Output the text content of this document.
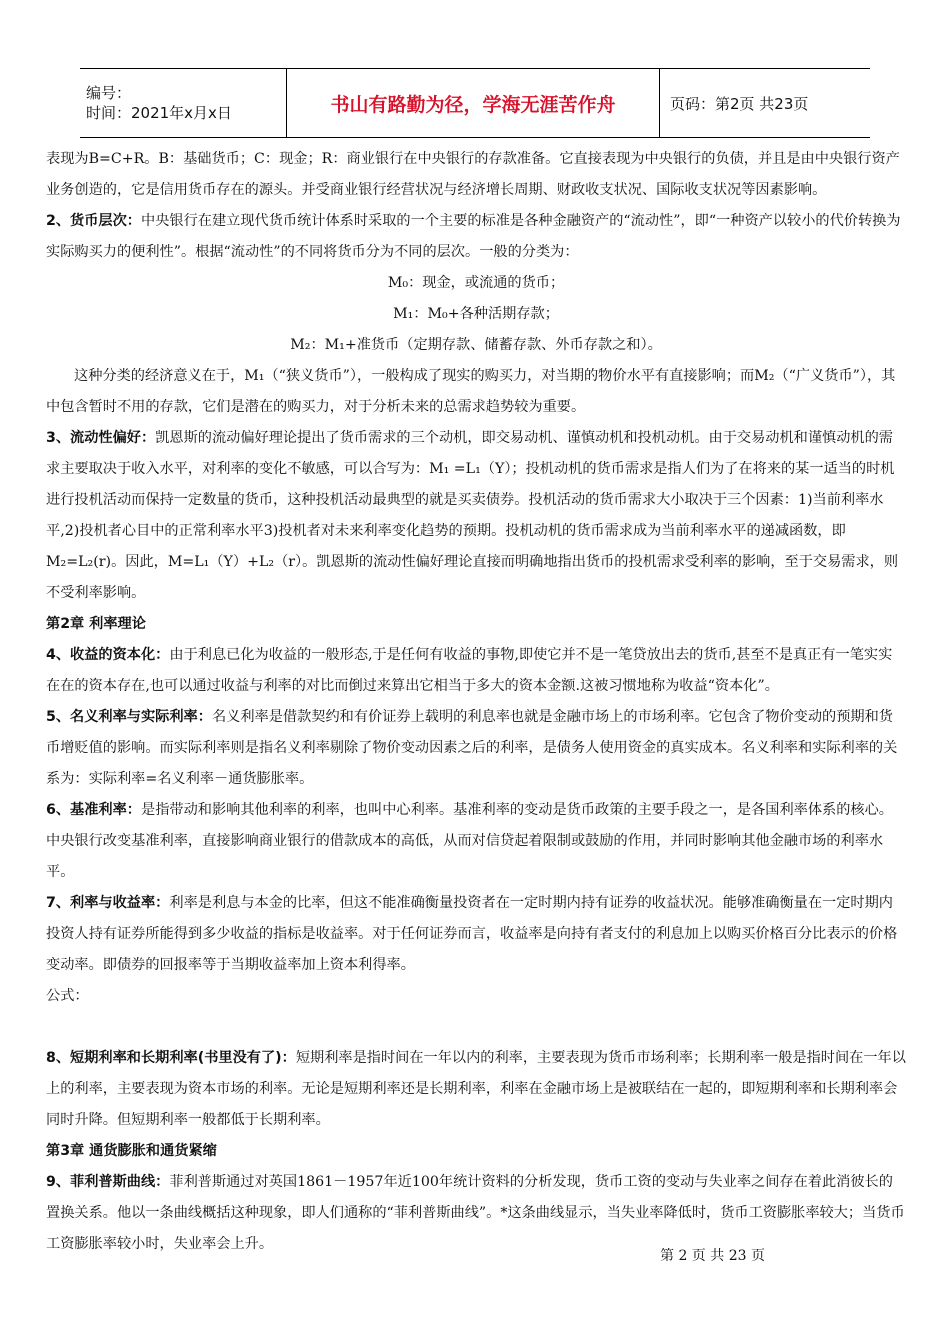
编号：
时间：2021年x月x日	书山有路勤为径，学海无涯苦作舟	页码：第2页 共23页

表现为B=C+R。B：基础货币；C：现金；R：商业银行在中央银行的存款准备。它直接表现为中央银行的负债，并且是由中央银行资产业务创造的，它是信用货币存在的源头。并受商业银行经营状况与经济增长周期、财政收支状况、国际收支状况等因素影响。

2、货币层次：中央银行在建立现代货币统计体系时采取的一个主要的标准是各种金融资产的“流动性”，即“一种资产以较小的代价转换为实际购买力的便利性”。根据“流动性”的不同将货币分为不同的层次。一般的分类为：

M₀：现金，或流通的货币；

M₁：M₀+各种活期存款；

M₂：M₁+准货币（定期存款、储蓄存款、外币存款之和）。

这种分类的经济意义在于，M₁（“狭义货币”），一般构成了现实的购买力，对当期的物价水平有直接影响；而M₂（“广义货币”），其中包含暂时不用的存款，它们是潜在的购买力，对于分析未来的总需求趋势较为重要。

3、流动性偏好：凯恩斯的流动偏好理论提出了货币需求的三个动机，即交易动机、谨慎动机和投机动机。由于交易动机和谨慎动机的需求主要取决于收入水平，对利率的变化不敏感，可以合写为：M₁ =L₁（Y）；投机动机的货币需求是指人们为了在将来的某一适当的时机进行投机活动而保持一定数量的货币，这种投机活动最典型的就是买卖债券。投机活动的货币需求大小取决于三个因素：1)当前利率水平,2)投机者心目中的正常利率水平3)投机者对未来利率变化趋势的预期。投机动机的货币需求成为当前利率水平的递减函数，即M₂=L₂(r)。因此，M=L₁（Y）+L₂（r）。凯恩斯的流动性偏好理论直接而明确地指出货币的投机需求受利率的影响，至于交易需求，则不受利率影响。

第2章 利率理论

4、收益的资本化：由于利息已化为收益的一般形态,于是任何有收益的事物,即使它并不是一笔贷放出去的货币,甚至不是真正有一笔实实在在的资本存在,也可以通过收益与利率的对比而倒过来算出它相当于多大的资本金额.这被习惯地称为收益“资本化”。

5、名义利率与实际利率：名义利率是借款契约和有价证券上载明的利息率也就是金融市场上的市场利率。它包含了物价变动的预期和货币增贬值的影响。而实际利率则是指名义利率剔除了物价变动因素之后的利率，是债务人使用资金的真实成本。名义利率和实际利率的关系为：实际利率=名义利率－通货膨胀率。

6、基准利率：是指带动和影响其他利率的利率，也叫中心利率。基准利率的变动是货币政策的主要手段之一，是各国利率体系的核心。中央银行改变基准利率，直接影响商业银行的借款成本的高低，从而对信贷起着限制或鼓励的作用，并同时影响其他金融市场的利率水平。

7、利率与收益率：利率是利息与本金的比率，但这不能准确衡量投资者在一定时期内持有证券的收益状况。能够准确衡量在一定时期内投资人持有证券所能得到多少收益的指标是收益率。对于任何证券而言，收益率是向持有者支付的利息加上以购买价格百分比表示的价格变动率。即债券的回报率等于当期收益率加上资本利得率。

公式：

8、短期利率和长期利率(书里没有了)：短期利率是指时间在一年以内的利率，主要表现为货币市场利率；长期利率一般是指时间在一年以上的利率，主要表现为资本市场的利率。无论是短期利率还是长期利率，利率在金融市场上是被联结在一起的，即短期利率和长期利率会同时升降。但短期利率一般都低于长期利率。

第3章 通货膨胀和通货紧缩

9、菲利普斯曲线：菲利普斯通过对英国1861－1957年近100年统计资料的分析发现，货币工资的变动与失业率之间存在着此消彼长的置换关系。他以一条曲线概括这种现象，即人们通称的“菲利普斯曲线”。*这条曲线显示，当失业率降低时，货币工资膨胀率较大；当货币工资膨胀率较小时，失业率会上升。

第 2 页 共 23 页
